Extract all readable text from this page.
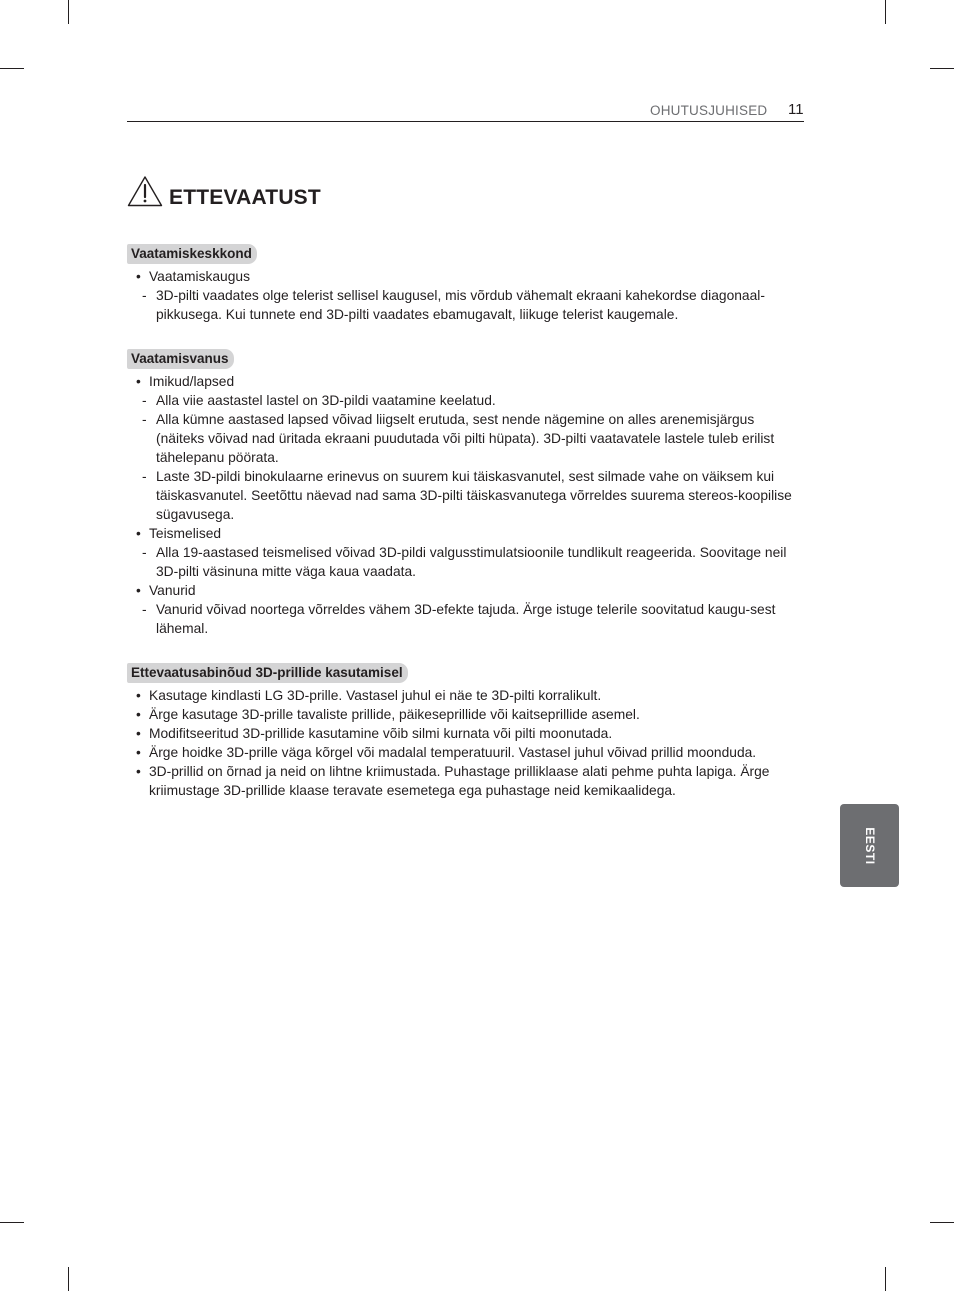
OHUTUSJUHISED 11
ETTEVAATUST
Vaatamiskeskkond
• Vaatamiskaugus
- 3D-pilti vaadates olge telerist sellisel kaugusel, mis võrdub vähemalt ekraani kahekordse diagonaal-pikkusega. Kui tunnete end 3D-pilti vaadates ebamugavalt, liikuge telerist kaugemale.
Vaatamisvanus
• Imikud/lapsed
- Alla viie aastastel lastel on 3D-pildi vaatamine keelatud.
- Alla kümne aastased lapsed võivad liigselt erutuda, sest nende nägemine on alles arenemisjärgus (näiteks võivad nad üritada ekraani puudutada või pilti hüpata). 3D-pilti vaatavatele lastele tuleb erilist tähelepanu pöörata.
- Laste 3D-pildi binokulaarne erinevus on suurem kui täiskasvanutel, sest silmade vahe on väiksem kui täiskasvanutel. Seetõttu näevad nad sama 3D-pilti täiskasvanutega võrreldes suurema stereos-koopilise sügavusega.
• Teismelised
- Alla 19-aastased teismelised võivad 3D-pildi valgusstimulatsioonile tundlikult reageerida. Soovitage neil 3D-pilti väsinuna mitte väga kaua vaadata.
• Vanurid
- Vanurid võivad noortega võrreldes vähem 3D-efekte tajuda. Ärge istuge telerile soovitatud kaugu-sest lähemal.
Ettevaatusabinõud 3D-prillide kasutamisel
• Kasutage kindlasti LG 3D-prille. Vastasel juhul ei näe te 3D-pilti korralikult.
• Ärge kasutage 3D-prille tavaliste prillide, päikeseprillide või kaitseprillide asemel.
• Modifitseeritud 3D-prillide kasutamine võib silmi kurnata või pilti moonutada.
• Ärge hoidke 3D-prille väga kõrgel või madalal temperatuuril. Vastasel juhul võivad prillid moonduda.
• 3D-prillid on õrnad ja neid on lihtne kriimustada. Puhastage prilliklaase alati pehme puhta lapiga. Ärge kriimustage 3D-prillide klaase teravate esemetega ega puhastage neid kemikaalidega.
EESTI
